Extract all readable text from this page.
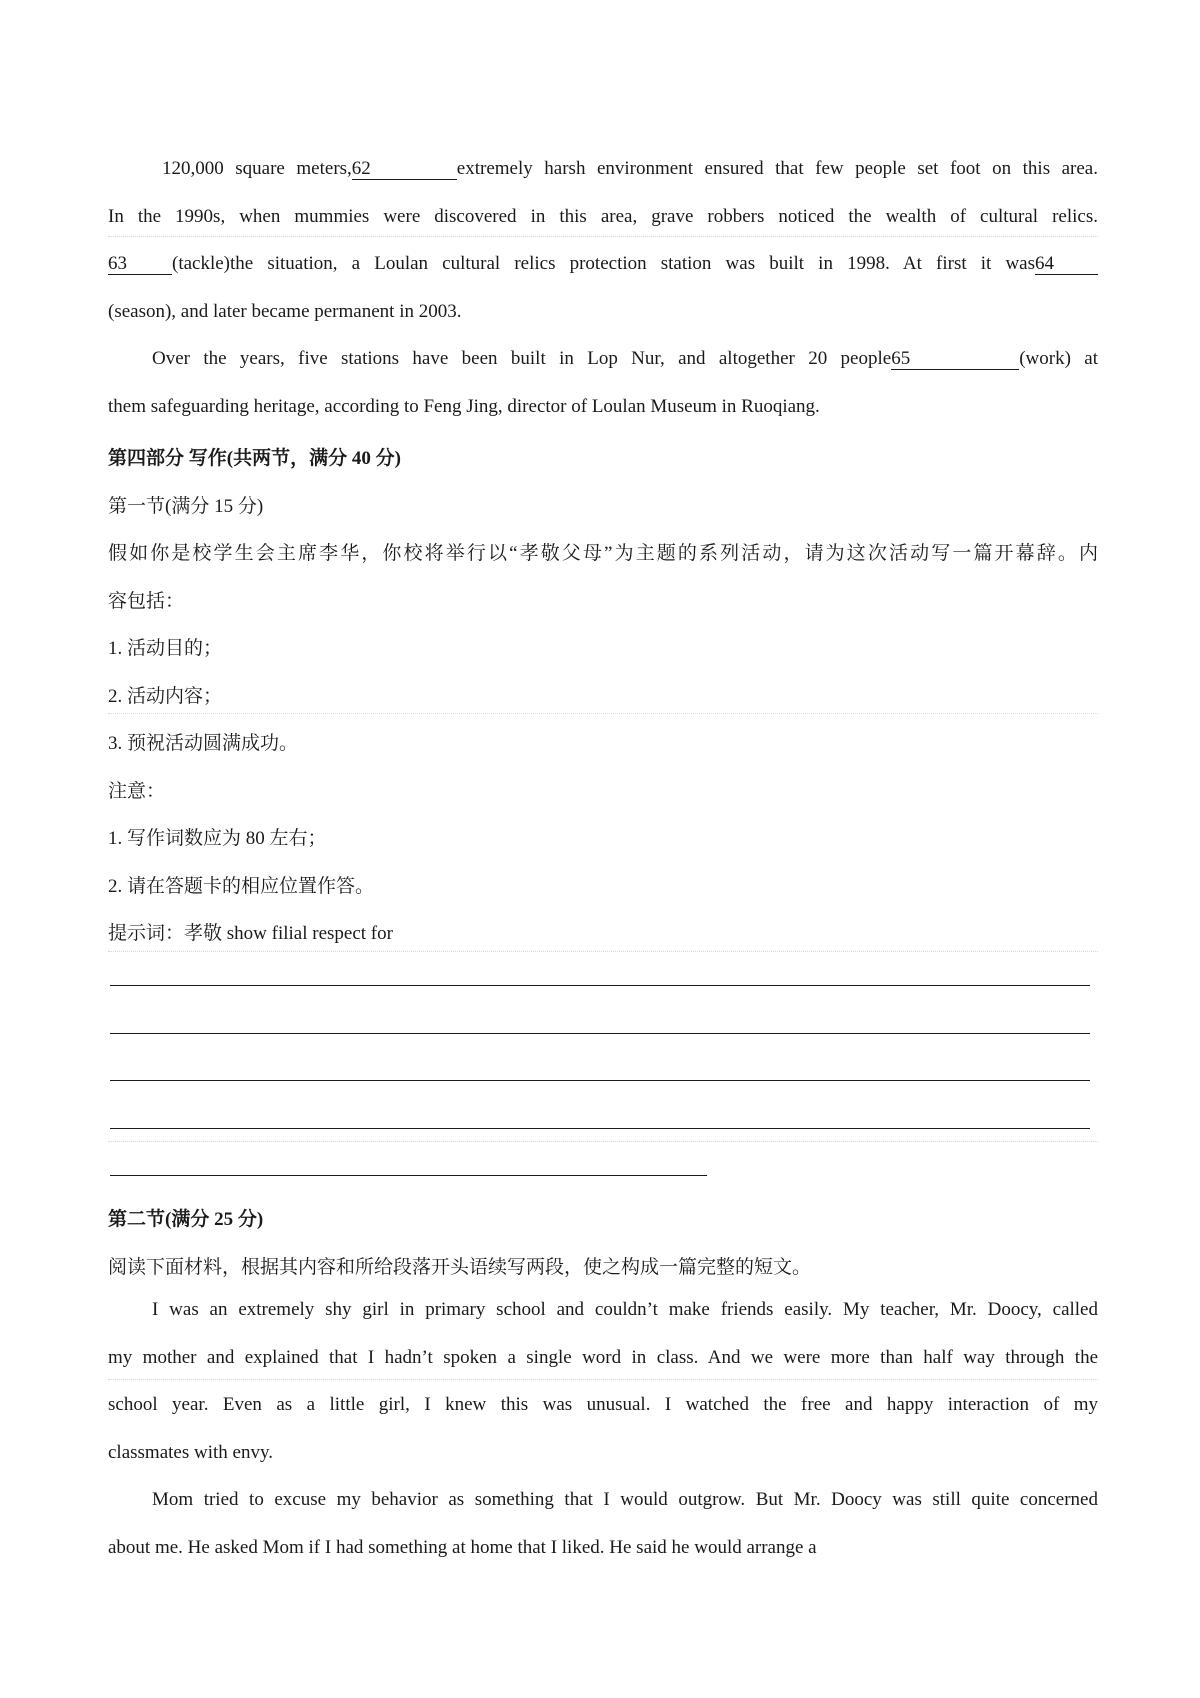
120,000 square meters,62	extremely harsh environment ensured that few people set foot on this area.
In the 1990s, when mummies were discovered in this area, grave robbers noticed the wealth of cultural relics.
63 (tackle)the situation, a Loulan cultural relics protection station was built in 1998. At first it was64
(season), and later became permanent in 2003.
Over the years, five stations have been built in Lop Nur, and altogether 20 people65	(work) at
them safeguarding heritage, according to Feng Jing, director of Loulan Museum in Ruoqiang.
第四部分 写作(共两节，满分 40 分)
第一节(满分 15 分)
假如你是校学生会主席李华，你校将举行以“孝敬父母”为主题的系列活动，请为这次活动写一篇开幕辞。内
容包括：
1. 活动目的；
2. 活动内容；
3. 预祝活动圆满成功。
注意：
1. 写作词数应为 80 左右；
2. 请在答题卡的相应位置作答。
提示词：孝敬 show filial respect for
第二节(满分 25 分)
阅读下面材料，根据其内容和所给段落开头语续写两段，使之构成一篇完整的短文。
I was an extremely shy girl in primary school and couldn’t make friends easily. My teacher, Mr. Doocy, called
my mother and explained that I hadn’t spoken a single word in class. And we were more than half way through the
school year. Even as a little girl, I knew this was unusual. I watched the free and happy interaction of my
classmates with envy.
Mom tried to excuse my behavior as something that I would outgrow. But Mr. Doocy was still quite concerned
about me. He asked Mom if I had something at home that I liked. He said he would arrange a
